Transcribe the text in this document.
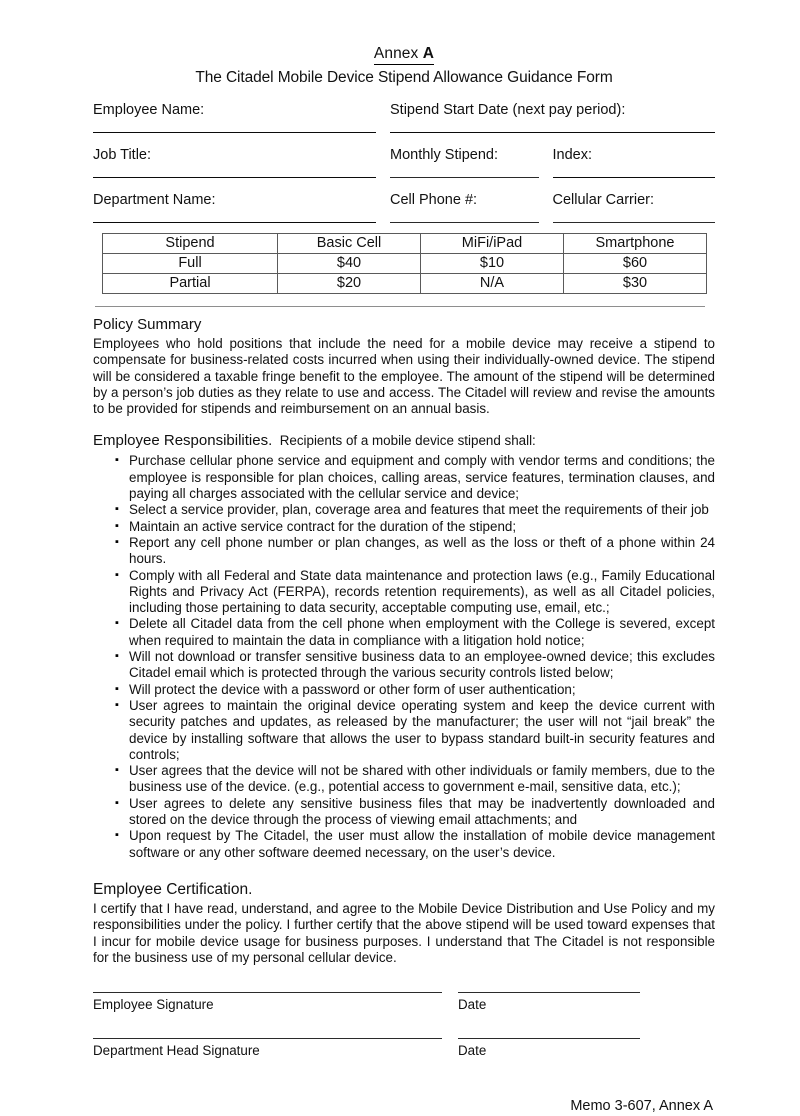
Annex A
The Citadel Mobile Device Stipend Allowance Guidance Form
Employee Name:	Stipend Start Date (next pay period):
Job Title:	Monthly Stipend:	Index:
Department Name:	Cell Phone #:	Cellular Carrier:
Stipend	Basic Cell	MiFi/iPad	Smartphone
Full	$40	$10	$60
Partial	$20	N/A	$30
Policy Summary
Employees who hold positions that include the need for a mobile device may receive a stipend to compensate for business-related costs incurred when using their individually-owned device. The stipend will be considered a taxable fringe benefit to the employee. The amount of the stipend will be determined by a person’s job duties as they relate to use and access. The Citadel will review and revise the amounts to be provided for stipends and reimbursement on an annual basis.
Employee Responsibilities. Recipients of a mobile device stipend shall:
▪ Purchase cellular phone service and equipment and comply with vendor terms and conditions; the employee is responsible for plan choices, calling areas, service features, termination clauses, and paying all charges associated with the cellular service and device;
▪ Select a service provider, plan, coverage area and features that meet the requirements of their job
▪ Maintain an active service contract for the duration of the stipend;
▪ Report any cell phone number or plan changes, as well as the loss or theft of a phone within 24 hours.
▪ Comply with all Federal and State data maintenance and protection laws (e.g., Family Educational Rights and Privacy Act (FERPA), records retention requirements), as well as all Citadel policies, including those pertaining to data security, acceptable computing use, email, etc.;
▪ Delete all Citadel data from the cell phone when employment with the College is severed, except when required to maintain the data in compliance with a litigation hold notice;
▪ Will not download or transfer sensitive business data to an employee-owned device; this excludes Citadel email which is protected through the various security controls listed below;
▪ Will protect the device with a password or other form of user authentication;
▪ User agrees to maintain the original device operating system and keep the device current with security patches and updates, as released by the manufacturer; the user will not “jail break” the device by installing software that allows the user to bypass standard built-in security features and controls;
▪ User agrees that the device will not be shared with other individuals or family members, due to the business use of the device. (e.g., potential access to government e-mail, sensitive data, etc.);
▪ User agrees to delete any sensitive business files that may be inadvertently downloaded and stored on the device through the process of viewing email attachments; and
▪ Upon request by The Citadel, the user must allow the installation of mobile device management software or any other software deemed necessary, on the user’s device.
Employee Certification.
I certify that I have read, understand, and agree to the Mobile Device Distribution and Use Policy and my responsibilities under the policy. I further certify that the above stipend will be used toward expenses that I incur for mobile device usage for business purposes. I understand that The Citadel is not responsible for the business use of my personal cellular device.
Employee Signature	Date
Department Head Signature	Date
Memo 3-607, Annex A
